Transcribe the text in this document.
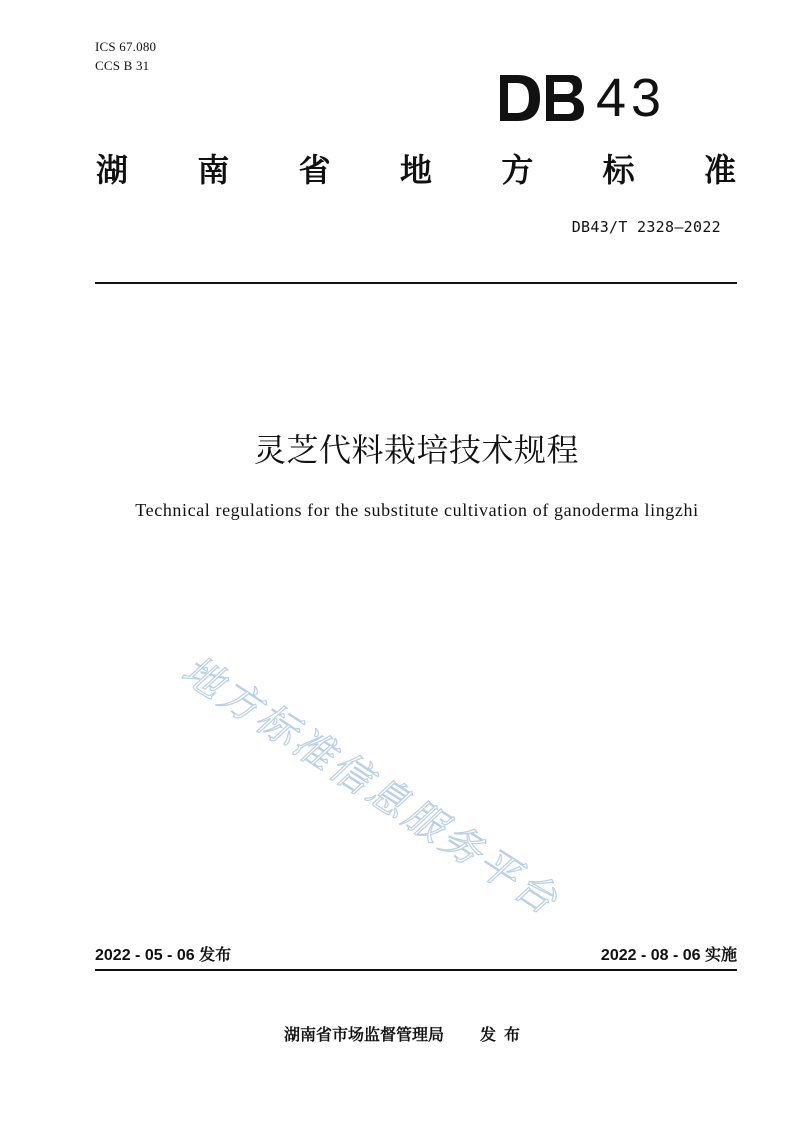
ICS 67.080
CCS B 31
43
湖 南 省 地 方 标 准
DB43/T 2328—2022
灵芝代料栽培技术规程
Technical regulations for the substitute cultivation of ganoderma lingzhi
地
方
标
准
信
息
服
务
平
台
2022 - 05 - 06 发布	2022 - 08 - 06 实施
湖南省市场监督管理局 发布
